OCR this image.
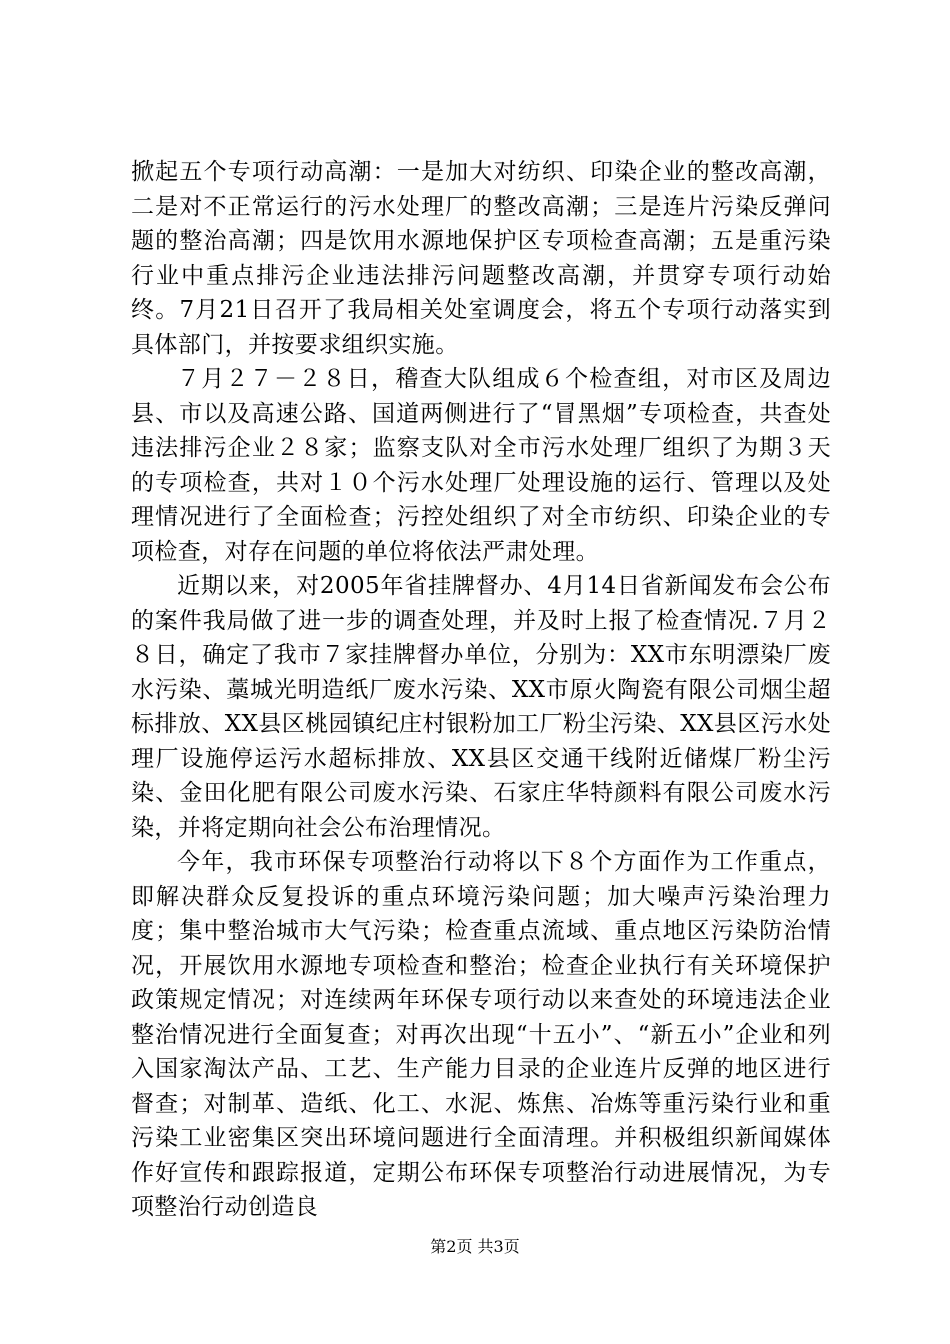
掀起五个专项行动高潮：一是加大对纺织、印染企业的整改高潮，二是对不正常运行的污水处理厂的整改高潮；三是连片污染反弹问题的整治高潮；四是饮用水源地保护区专项检查高潮；五是重污染行业中重点排污企业违法排污问题整改高潮，并贯穿专项行动始终。7月21日召开了我局相关处室调度会，将五个专项行动落实到具体部门，并按要求组织实施。

７月２７－２８日，稽查大队组成６个检查组，对市区及周边县、市以及高速公路、国道两侧进行了“冒黑烟”专项检查，共查处违法排污企业２８家；监察支队对全市污水处理厂组织了为期３天的专项检查，共对１０个污水处理厂处理设施的运行、管理以及处理情况进行了全面检查；污控处组织了对全市纺织、印染企业的专项检查，对存在问题的单位将依法严肃处理。

近期以来，对2005年省挂牌督办、4月14日省新闻发布会公布的案件我局做了进一步的调查处理，并及时上报了检查情况.７月２８日，确定了我市７家挂牌督办单位，分别为：XX市东明漂染厂废水污染、藁城光明造纸厂废水污染、XX市原火陶瓷有限公司烟尘超标排放、XX县区桃园镇纪庄村银粉加工厂粉尘污染、XX县区污水处理厂设施停运污水超标排放、XX县区交通干线附近储煤厂粉尘污染、金田化肥有限公司废水污染、石家庄华特颜料有限公司废水污染，并将定期向社会公布治理情况。

今年，我市环保专项整治行动将以下８个方面作为工作重点，即解决群众反复投诉的重点环境污染问题；加大噪声污染治理力度；集中整治城市大气污染；检查重点流域、重点地区污染防治情况，开展饮用水源地专项检查和整治；检查企业执行有关环境保护政策规定情况；对连续两年环保专项行动以来查处的环境违法企业整治情况进行全面复查；对再次出现“十五小”、“新五小”企业和列入国家淘汰产品、工艺、生产能力目录的企业连片反弹的地区进行督查；对制革、造纸、化工、水泥、炼焦、冶炼等重污染行业和重污染工业密集区突出环境问题进行全面清理。并积极组织新闻媒体作好宣传和跟踪报道，定期公布环保专项整治行动进展情况，为专项整治行动创造良

第2页 共3页
